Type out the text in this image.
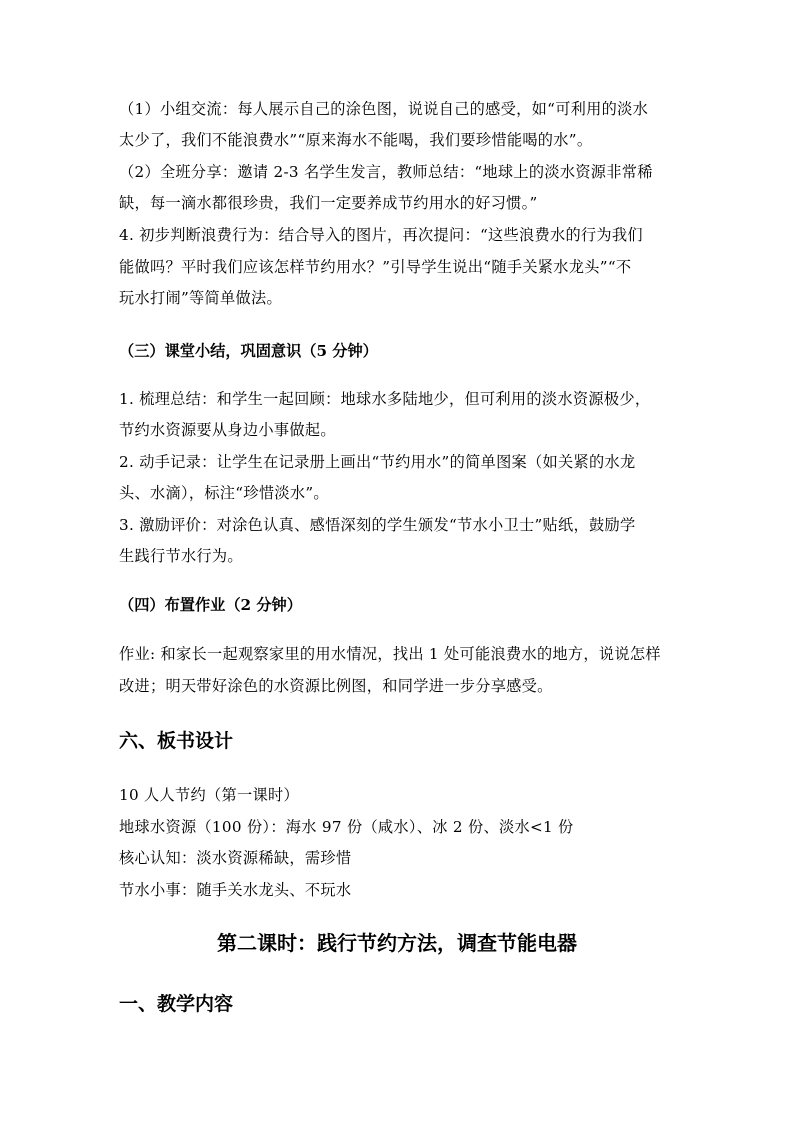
（1）小组交流：每人展示自己的涂色图，说说自己的感受，如“可利用的淡水
太少了，我们不能浪费水”“原来海水不能喝，我们要珍惜能喝的水”。
（2）全班分享：邀请 2-3 名学生发言，教师总结：“地球上的淡水资源非常稀
缺，每一滴水都很珍贵，我们一定要养成节约用水的好习惯。”
4. 初步判断浪费行为：结合导入的图片，再次提问：“这些浪费水的行为我们
能做吗？平时我们应该怎样节约用水？”引导学生说出“随手关紧水龙头”“不
玩水打闹”等简单做法。
（三）课堂小结，巩固意识（5 分钟）
1. 梳理总结：和学生一起回顾：地球水多陆地少，但可利用的淡水资源极少，
节约水资源要从身边小事做起。
2. 动手记录：让学生在记录册上画出“节约用水”的简单图案（如关紧的水龙
头、水滴），标注“珍惜淡水”。
3. 激励评价：对涂色认真、感悟深刻的学生颁发“节水小卫士”贴纸，鼓励学
生践行节水行为。
（四）布置作业（2 分钟）
作业: 和家长一起观察家里的用水情况，找出 1 处可能浪费水的地方，说说怎样
改进；明天带好涂色的水资源比例图，和同学进一步分享感受。
六、板书设计
10 人人节约（第一课时）
地球水资源（100 份）：海水 97 份（咸水）、冰 2 份、淡水<1 份
核心认知：淡水资源稀缺，需珍惜
节水小事：随手关水龙头、不玩水
第二课时：践行节约方法，调查节能电器
一、教学内容
